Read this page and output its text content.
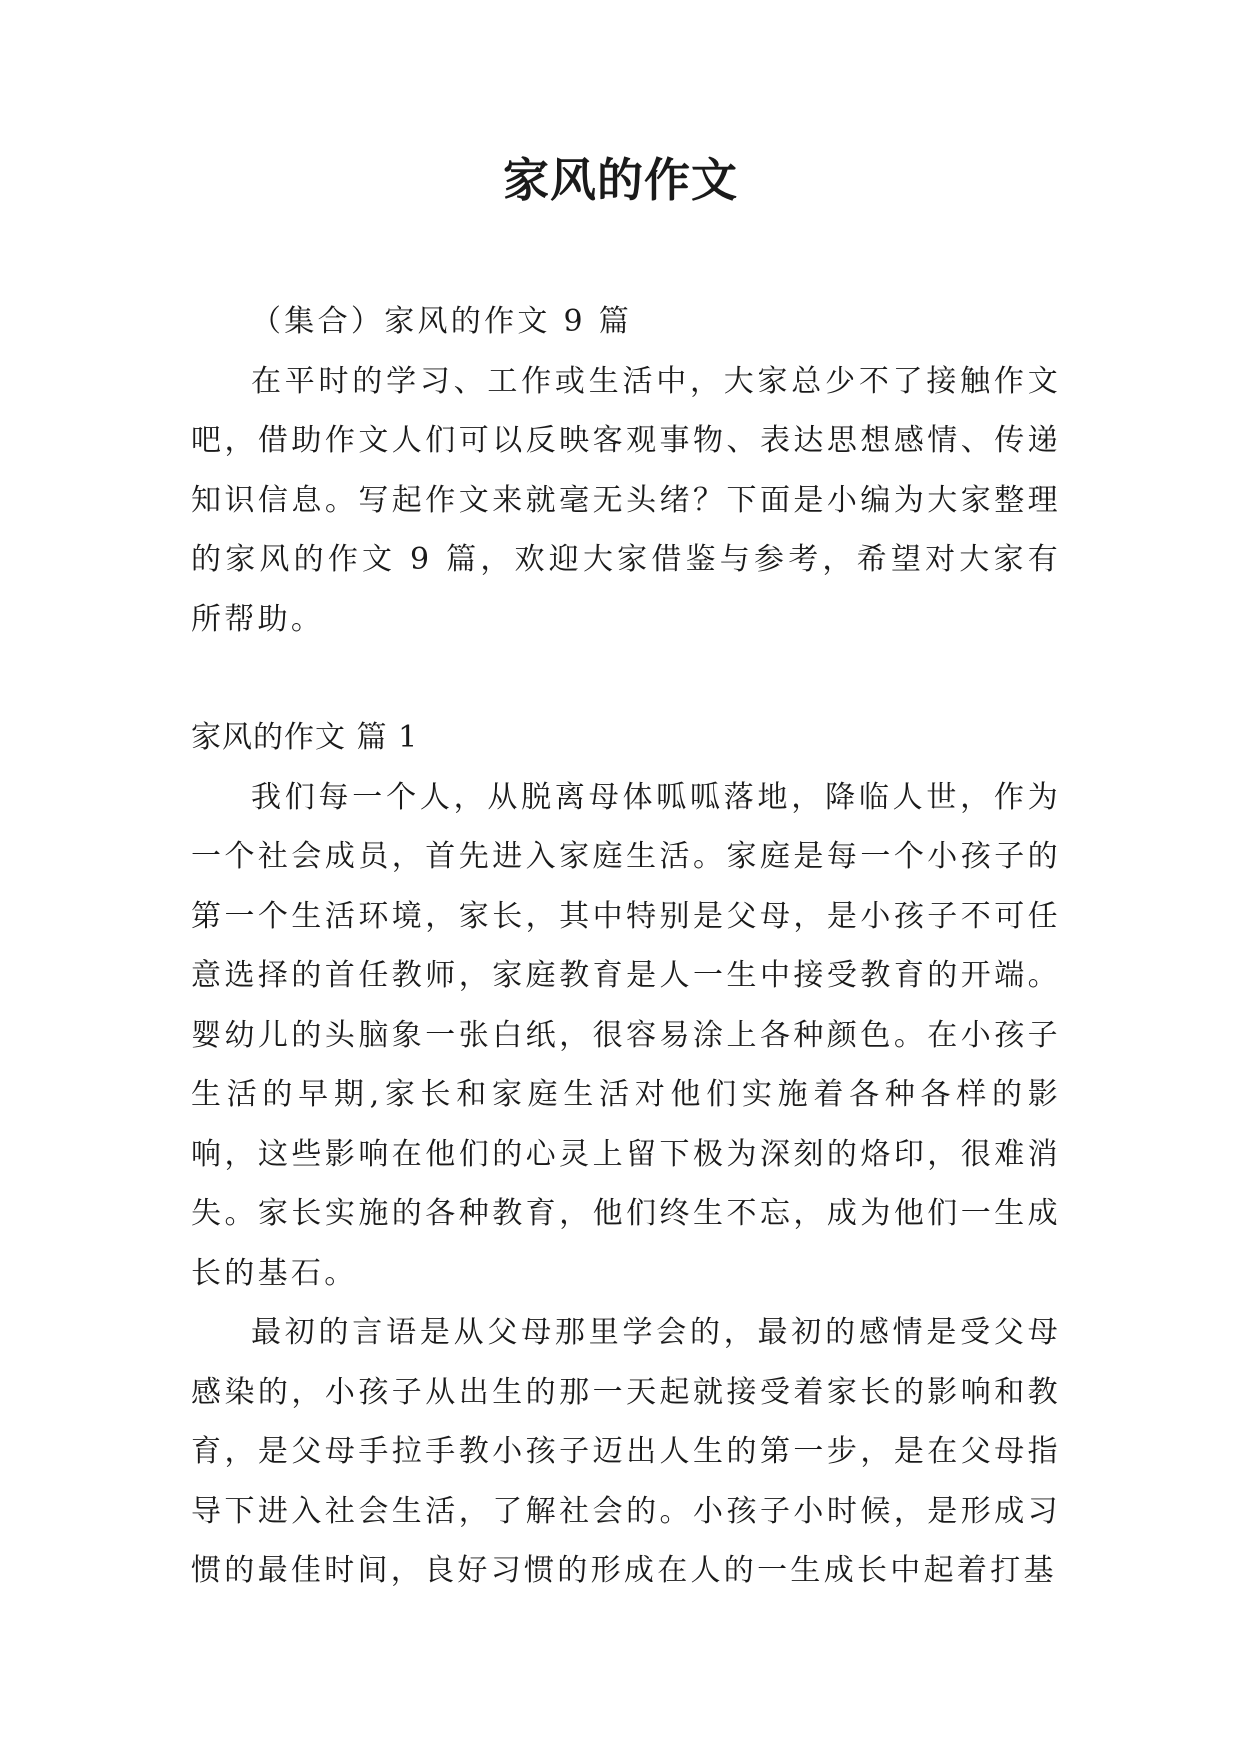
家风的作文

（集合）家风的作文 9 篇

在平时的学习、工作或生活中，大家总少不了接触作文吧，借助作文人们可以反映客观事物、表达思想感情、传递知识信息。写起作文来就毫无头绪？下面是小编为大家整理的家风的作文 9 篇，欢迎大家借鉴与参考，希望对大家有所帮助。

家风的作文 篇 1

我们每一个人，从脱离母体呱呱落地，降临人世，作为一个社会成员，首先进入家庭生活。家庭是每一个小孩子的第一个生活环境，家长，其中特别是父母，是小孩子不可任意选择的首任教师，家庭教育是人一生中接受教育的开端。婴幼儿的头脑象一张白纸，很容易涂上各种颜色。在小孩子生活的早期,家长和家庭生活对他们实施着各种各样的影响，这些影响在他们的心灵上留下极为深刻的烙印，很难消失。家长实施的各种教育，他们终生不忘，成为他们一生成长的基石。

最初的言语是从父母那里学会的，最初的感情是受父母感染的，小孩子从出生的那一天起就接受着家长的影响和教育，是父母手拉手教小孩子迈出人生的第一步，是在父母指导下进入社会生活，了解社会的。小孩子小时候，是形成习惯的最佳时间，良好习惯的形成在人的一生成长中起着打基
